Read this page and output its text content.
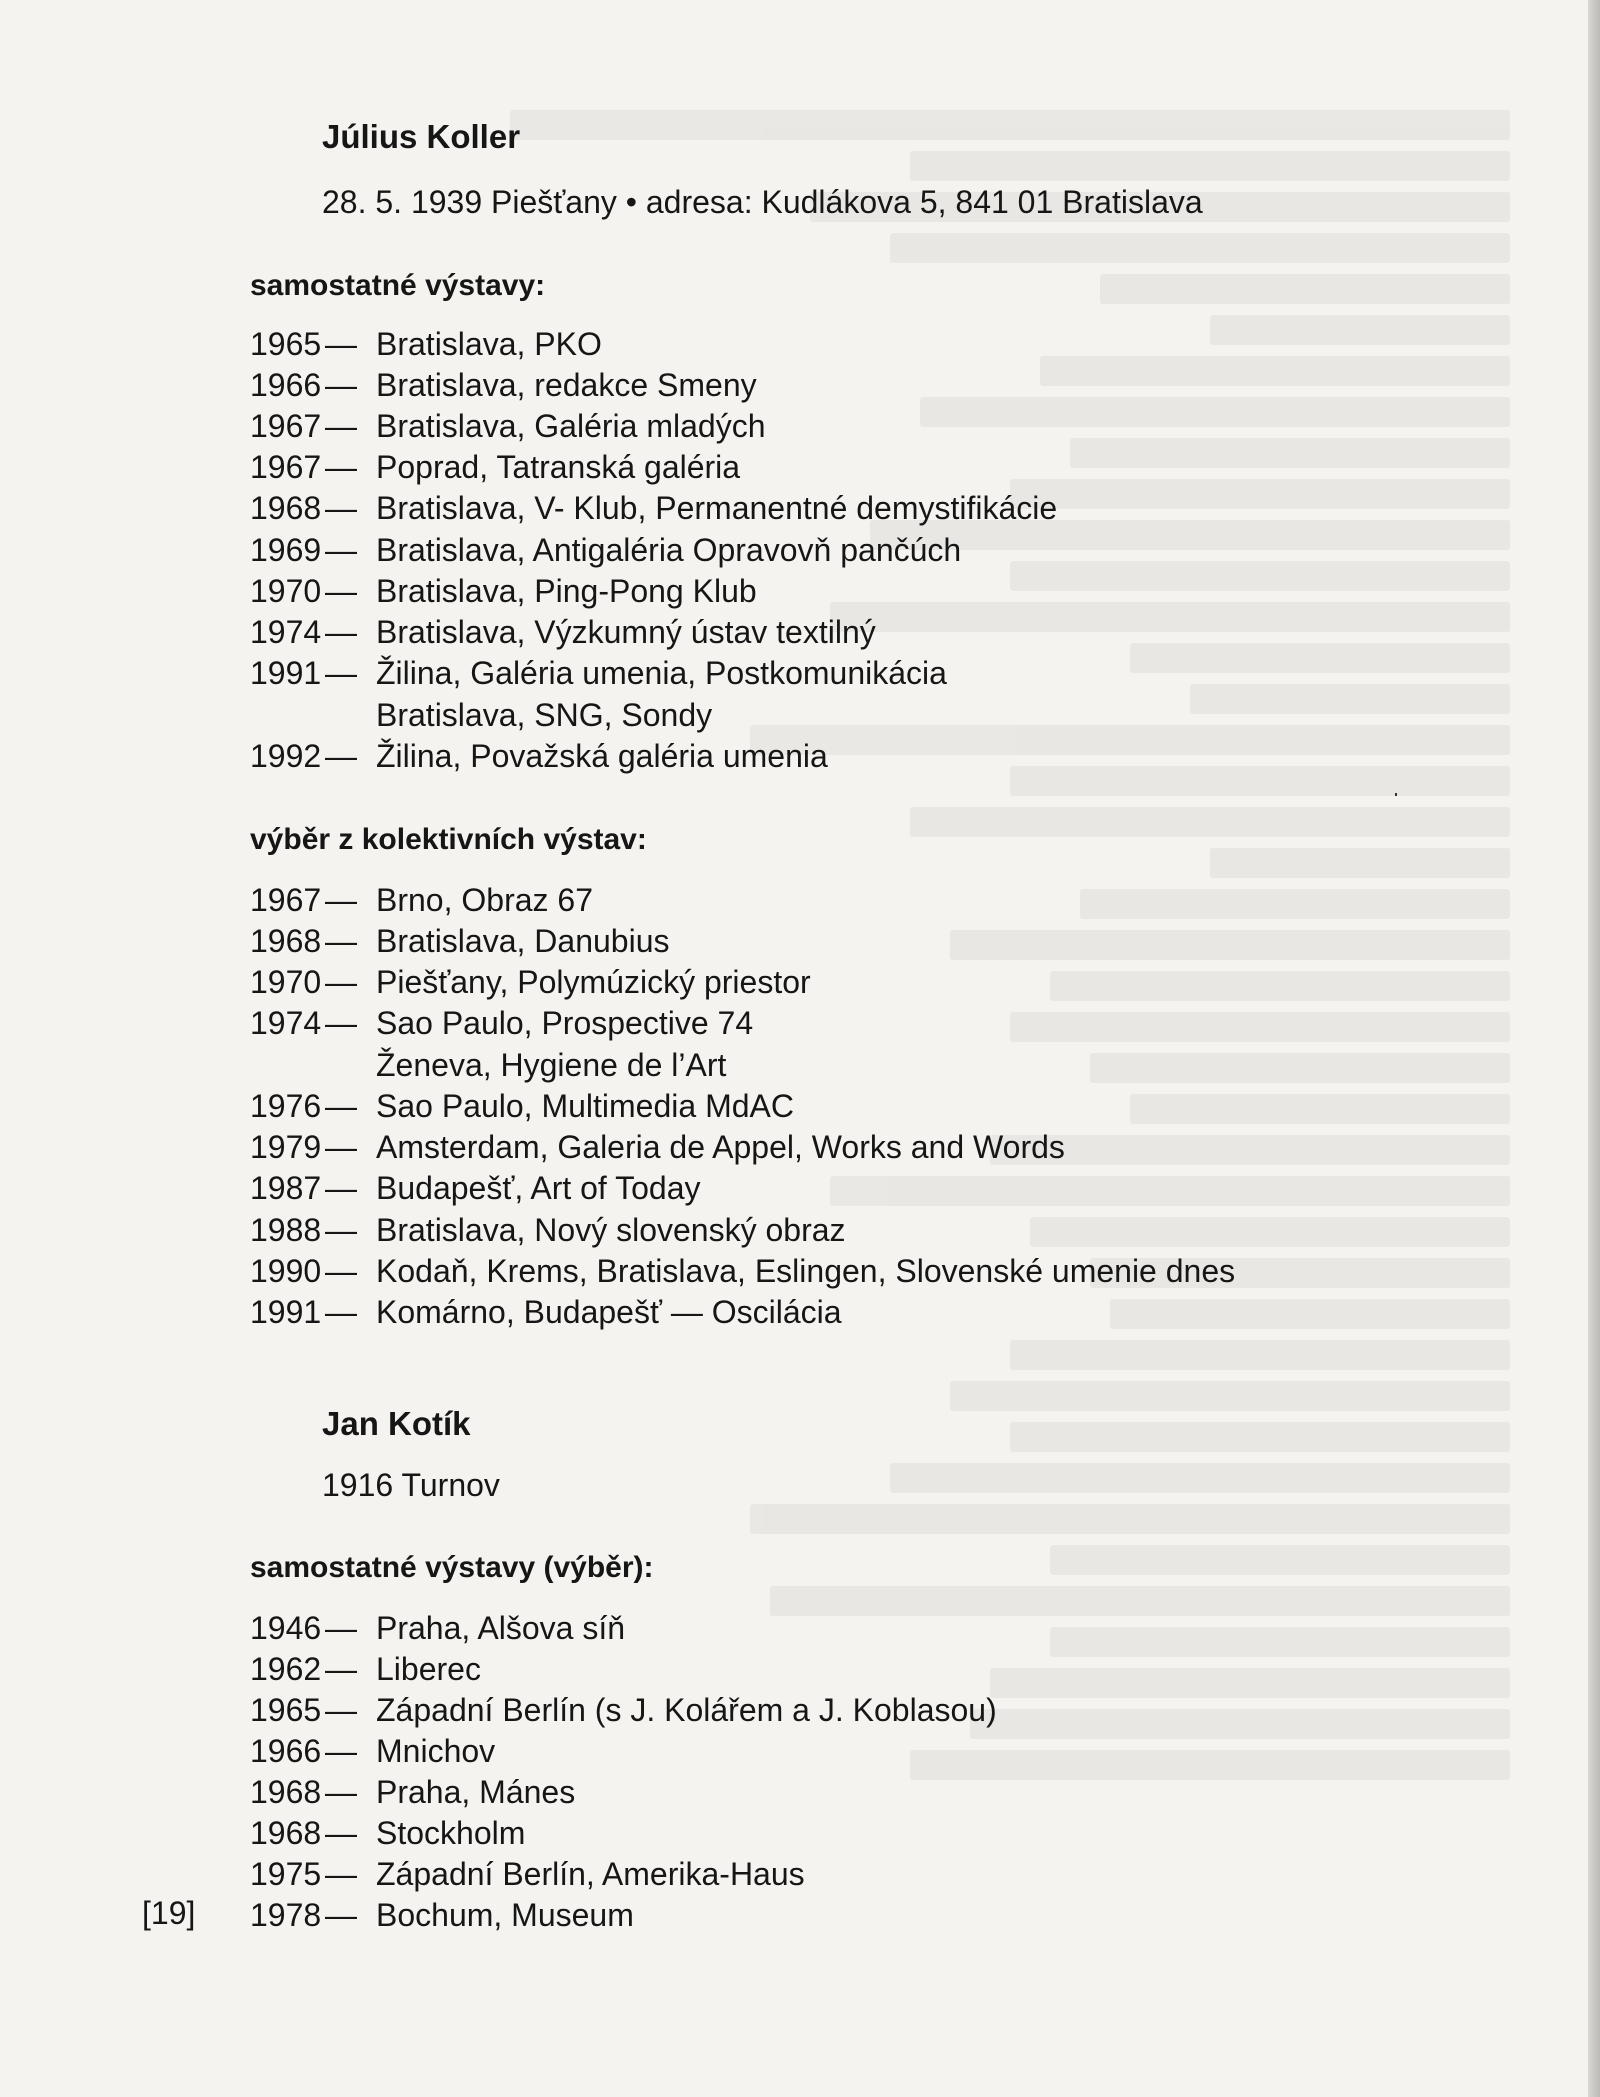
Július Koller
28. 5. 1939 Piešťany • adresa: Kudlákova 5, 841 01 Bratislava
samostatné výstavy:
1965 — Bratislava, PKO
1966 — Bratislava, redakce Smeny
1967 — Bratislava, Galéria mladých
1967 — Poprad, Tatranská galéria
1968 — Bratislava, V- Klub, Permanentné demystifikácie
1969 — Bratislava, Antigaléria Opravovň pančúch
1970 — Bratislava, Ping-Pong Klub
1974 — Bratislava, Výzkumný ústav textilný
1991 — Žilina, Galéria umenia, Postkomunikácia
Bratislava, SNG, Sondy
1992 — Žilina, Považská galéria umenia
výběr z kolektivních výstav:
1967 — Brno, Obraz 67
1968 — Bratislava, Danubius
1970 — Piešťany, Polymúzický priestor
1974 — Sao Paulo, Prospective 74
Ženeva, Hygiene de l’Art
1976 — Sao Paulo, Multimedia MdAC
1979 — Amsterdam, Galeria de Appel, Works and Words
1987 — Budapešť, Art of Today
1988 — Bratislava, Nový slovenský obraz
1990 — Kodaň, Krems, Bratislava, Eslingen, Slovenské umenie dnes
1991 — Komárno, Budapešť — Oscilácia
Jan Kotík
1916 Turnov
samostatné výstavy (výběr):
1946 — Praha, Alšova síň
1962 — Liberec
1965 — Západní Berlín (s J. Kolářem a J. Koblasou)
1966 — Mnichov
1968 — Praha, Mánes
1968 — Stockholm
1975 — Západní Berlín, Amerika-Haus
1978 — Bochum, Museum
[19]
